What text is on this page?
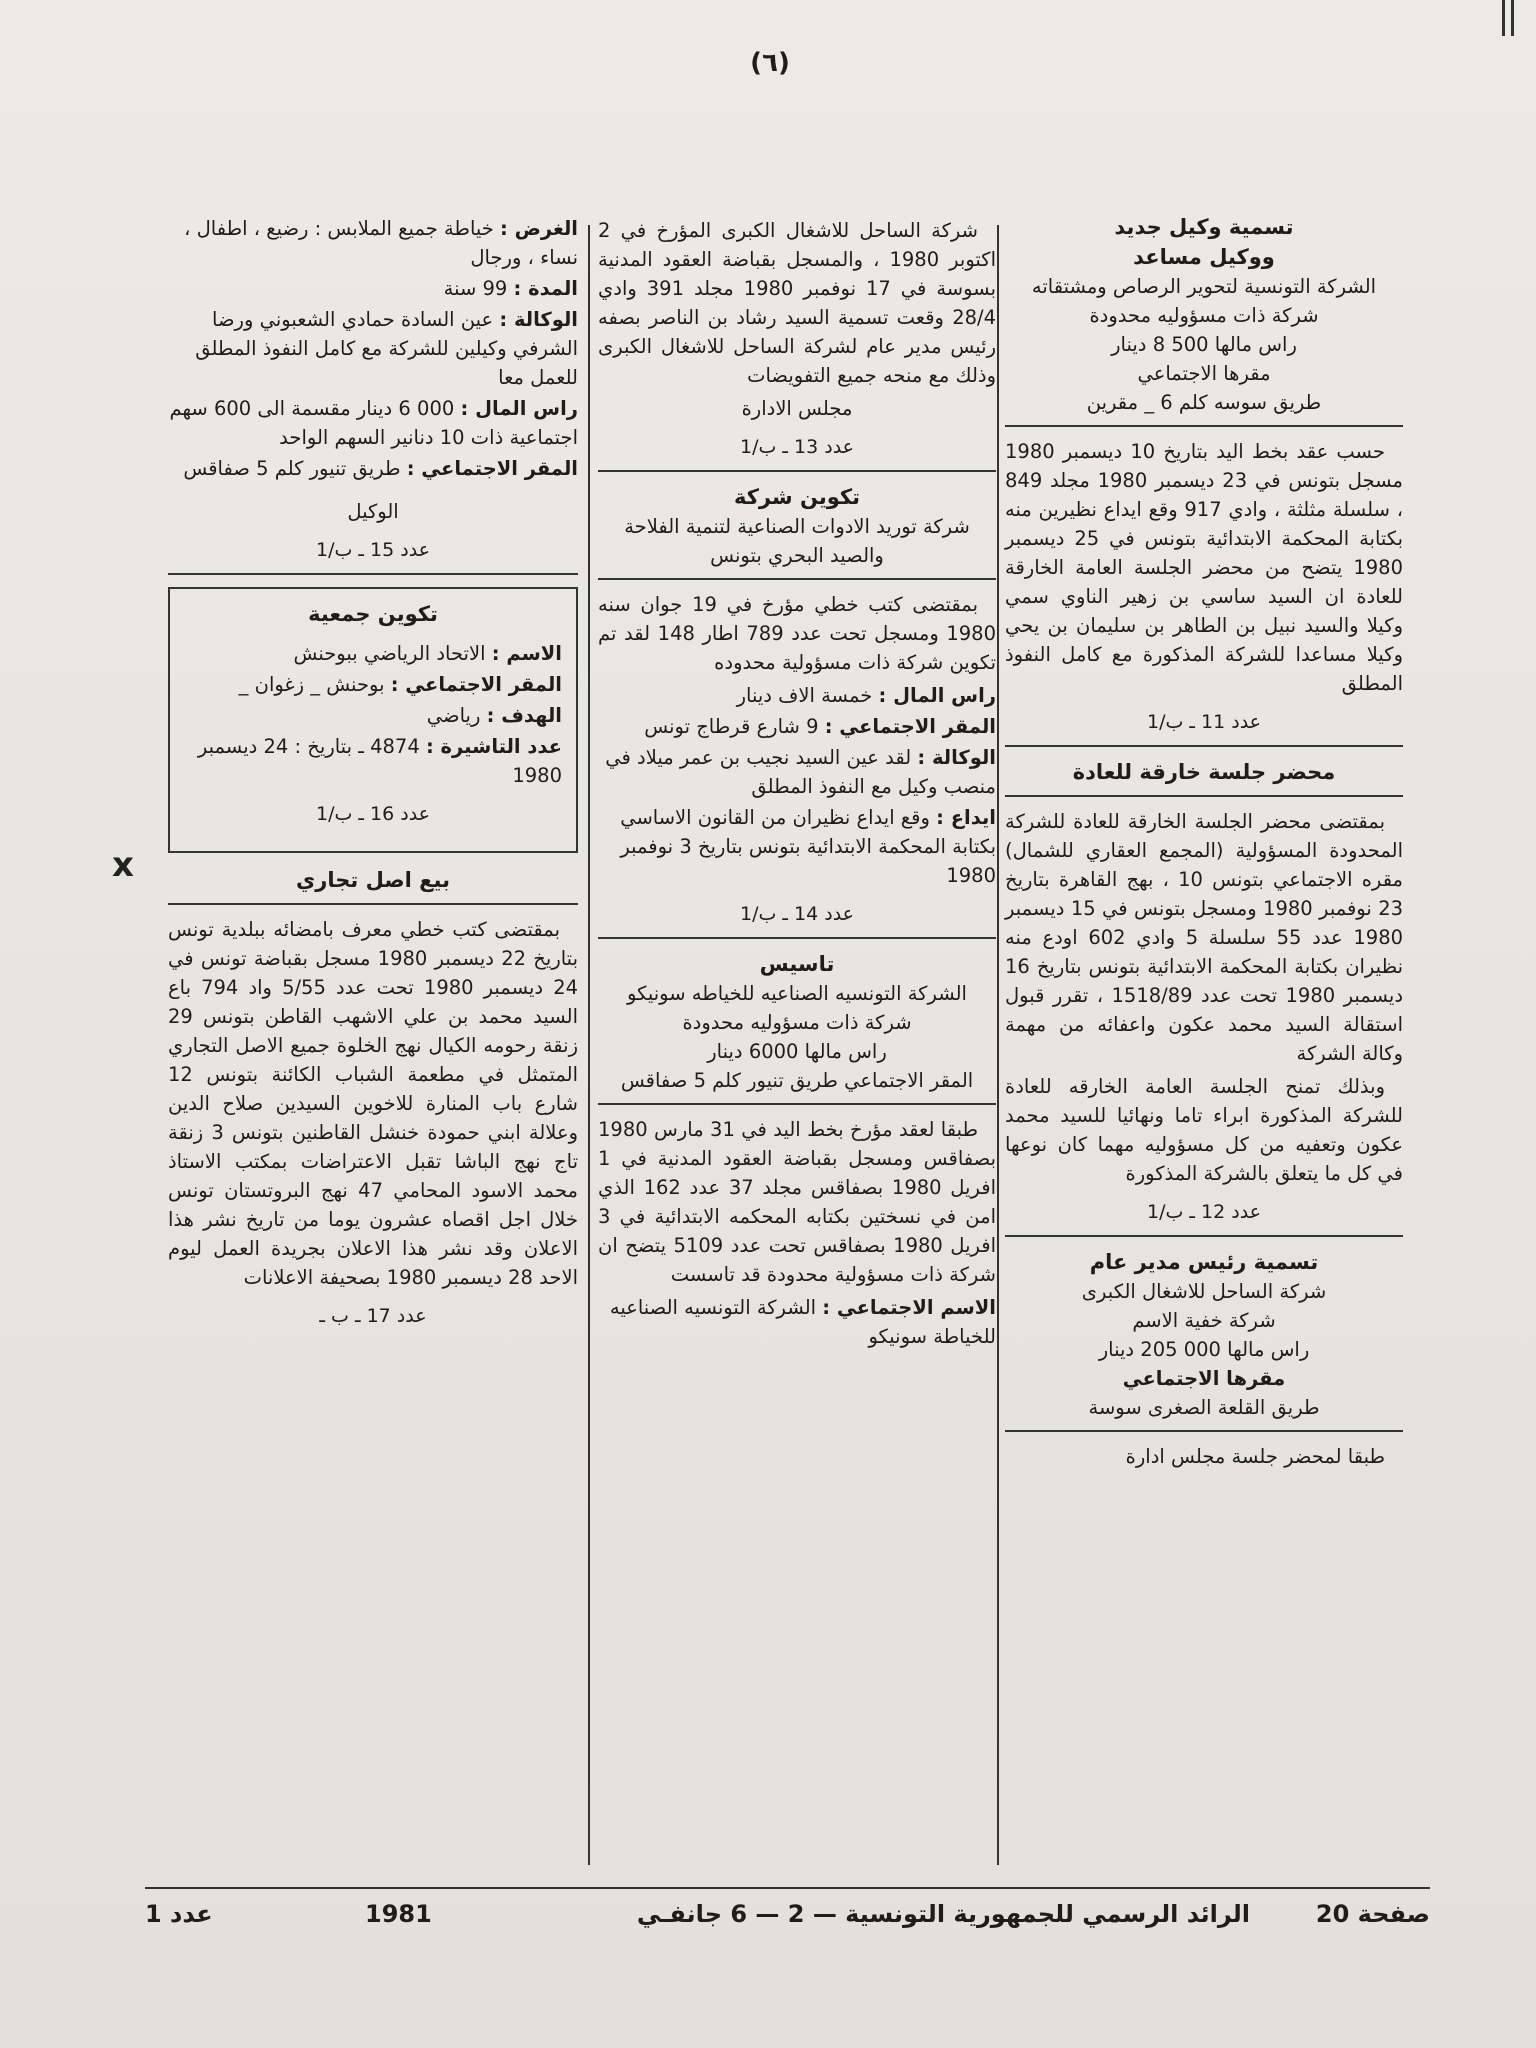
(٦)
x
تسمية وكيل جديد
ووكيل مساعد
الشركة التونسية لتحوير الرصاص ومشتقاته
شركة ذات مسؤوليه محدودة
راس مالها 500 8 دينار
مقرها الاجتماعي
طريق سوسه كلم 6 _ مقرين
حسب عقد بخط اليد بتاريخ 10 ديسمبر 1980 مسجل بتونس في 23 ديسمبر 1980 مجلد 849 ، سلسلة مثلثة ، وادي 917 وقع ايداع نظيرين منه بكتابة المحكمة الابتدائية بتونس في 25 ديسمبر 1980 يتضح من محضر الجلسة العامة الخارقة للعادة ان السيد ساسي بن زهير الناوي سمي وكيلا والسيد نبيل بن الطاهر بن سليمان بن يحي وكيلا مساعدا للشركة المذكورة مع كامل النفوذ المطلق
عدد 11 ـ ب/1
محضر جلسة خارقة للعادة
بمقتضى محضر الجلسة الخارقة للعادة للشركة المحدودة المسؤولية (المجمع العقاري للشمال) مقره الاجتماعي بتونس 10 ، بهج القاهرة بتاريخ 23 نوفمبر 1980 ومسجل بتونس في 15 ديسمبر 1980 عدد 55 سلسلة 5 وادي 602 اودع منه نظيران بكتابة المحكمة الابتدائية بتونس بتاريخ 16 ديسمبر 1980 تحت عدد 1518/89 ، تقرر قبول استقالة السيد محمد عكون واعفائه من مهمة وكالة الشركة
وبذلك تمنح الجلسة العامة الخارقه للعادة للشركة المذكورة ابراء تاما ونهائيا للسيد محمد عكون وتعفيه من كل مسؤوليه مهما كان نوعها في كل ما يتعلق بالشركة المذكورة
عدد 12 ـ ب/1
تسمية رئيس مدير عام
شركة الساحل للاشغال الكبرى
شركة خفية الاسم
راس مالها 000 205 دينار
مقرها الاجتماعي
طريق القلعة الصغرى سوسة
طبقا لمحضر جلسة مجلس ادارة
شركة الساحل للاشغال الكبرى المؤرخ في 2 اكتوبر 1980 ، والمسجل بقباضة العقود المدنية بسوسة في 17 نوفمبر 1980 مجلد 391 وادي 28/4 وقعت تسمية السيد رشاد بن الناصر بصفه رئيس مدير عام لشركة الساحل للاشغال الكبرى وذلك مع منحه جميع التفويضات
مجلس الادارة
عدد 13 ـ ب/1
تكوين شركة
شركة توريد الادوات الصناعية لتنمية الفلاحة والصيد البحري بتونس
بمقتضى كتب خطي مؤرخ في 19 جوان سنه 1980 ومسجل تحت عدد 789 اطار 148 لقد تم تكوين شركة ذات مسؤولية محدوده
راس المال : خمسة الاف دينار
المقر الاجتماعي : 9 شارع قرطاج تونس
الوكالة : لقد عين السيد نجيب بن عمر ميلاد في منصب وكيل مع النفوذ المطلق
ايداع : وقع ايداع نظيران من القانون الاساسي بكتابة المحكمة الابتدائية بتونس بتاريخ 3 نوفمبر 1980
عدد 14 ـ ب/1
تاسيس
الشركة التونسيه الصناعيه للخياطه سونيكو
شركة ذات مسؤوليه محدودة
راس مالها 6000 دينار
المقر الاجتماعي طريق تنيور كلم 5 صفاقس
طبقا لعقد مؤرخ بخط اليد في 31 مارس 1980 بصفاقس ومسجل بقباضة العقود المدنية في 1 افريل 1980 بصفاقس مجلد 37 عدد 162 الذي امن في نسختين بكتابه المحكمه الابتدائية في 3 افريل 1980 بصفاقس تحت عدد 5109 يتضح ان شركة ذات مسؤولية محدودة قد تاسست
الاسم الاجتماعي : الشركة التونسيه الصناعيه للخياطة سونيكو
الغرض : خياطة جميع الملابس : رضيع ، اطفال ، نساء ، ورجال
المدة : 99 سنة
الوكالة : عين السادة حمادي الشعبوني ورضا الشرفي وكيلين للشركة مع كامل النفوذ المطلق للعمل معا
راس المال : 000 6 دينار مقسمة الى 600 سهم اجتماعية ذات 10 دنانير السهم الواحد
المقر الاجتماعي : طريق تنيور كلم 5 صفاقس
الوكيل
عدد 15 ـ ب/1
تكوين جمعية
الاسم : الاتحاد الرياضي ببوحنش
المقر الاجتماعي : بوحنش _ زغوان _
الهدف : رياضي
عدد التاشيرة : 4874 ـ بتاريخ : 24 ديسمبر 1980
عدد 16 ـ ب/1
بيع اصل تجاري
بمقتضى كتب خطي معرف بامضائه ببلدية تونس بتاريخ 22 ديسمبر 1980 مسجل بقباضة تونس في 24 ديسمبر 1980 تحت عدد 5/55 واد 794 باع السيد محمد بن علي الاشهب القاطن بتونس 29 زنقة رحومه الكيال نهج الخلوة جميع الاصل التجاري المتمثل في مطعمة الشباب الكائنة بتونس 12 شارع باب المنارة للاخوين السيدين صلاح الدين وعلالة ابني حمودة خنشل القاطنين بتونس 3 زنقة تاج نهج الباشا تقبل الاعتراضات بمكتب الاستاذ محمد الاسود المحامي 47 نهج البروتستان تونس خلال اجل اقصاه عشرون يوما من تاريخ نشر هذا الاعلان وقد نشر هذا الاعلان بجريدة العمل ليوم الاحد 28 ديسمبر 1980 بصحيفة الاعلانات
عدد 17 ـ ب ـ
صفحة 20
الرائد الرسمي للجمهورية التونسية — 2 — 6 جانفـي
1981
عدد 1
